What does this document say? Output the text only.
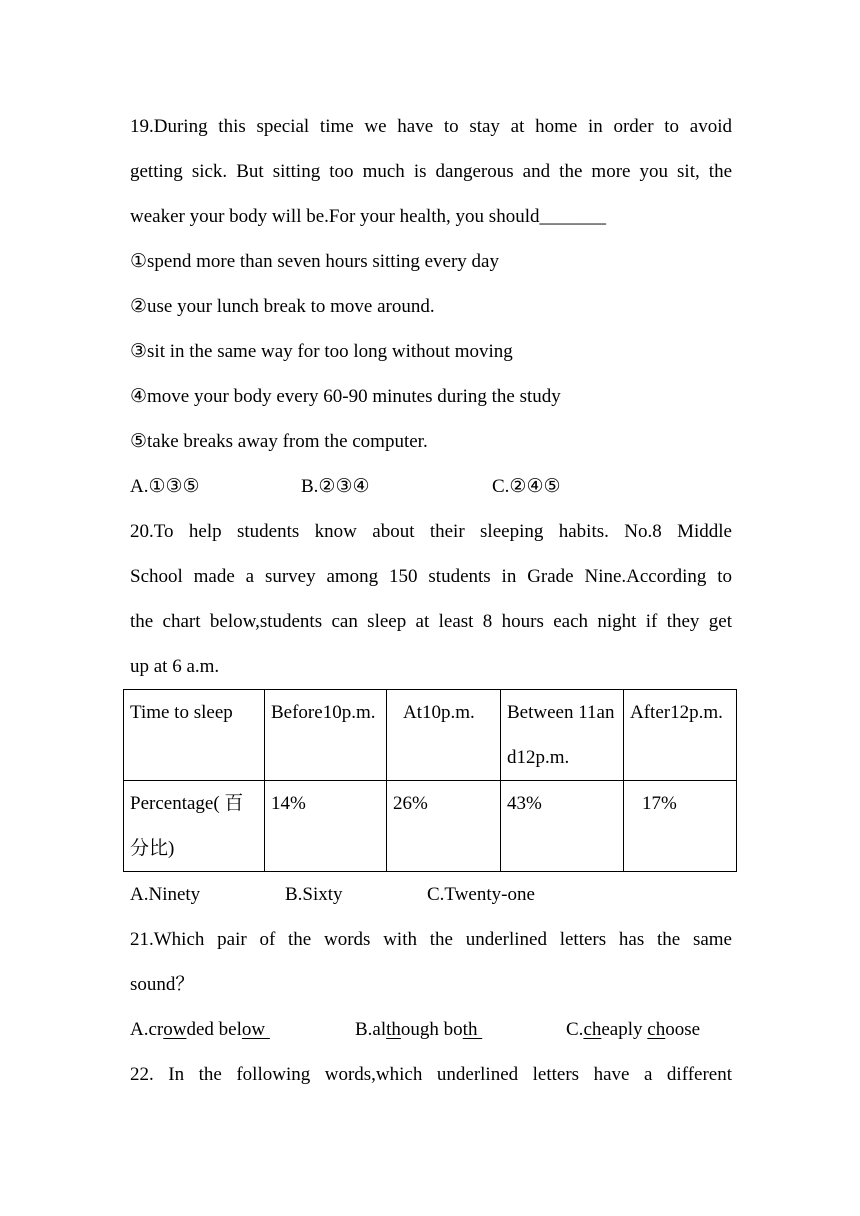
19.During this special time we have to stay at home in order to avoid
getting sick. But sitting too much is dangerous and the more you sit, the
weaker your body will be.For your health, you should_______
①spend more than seven hours sitting every day
②use your lunch break to move around.
③sit in the same way for too long without moving
④move your body every 60-90 minutes during the study
⑤take breaks away from the computer.
A.①③⑤	B.②③④	C.②④⑤
20.To help students know about their sleeping habits. No.8 Middle
School made a survey among 150 students in Grade Nine.According to
the chart below,students can sleep at least 8 hours each night if they get
up at 6 a.m.
Time to sleep	Before10p.m.	At10p.m.	Between 11and12p.m.	After12p.m.
Percentage( 百分比)	14%	26%	43%	17%
A.Ninety	B.Sixty	C.Twenty-one
21.Which pair of the words with the underlined letters has the same
sound？
A.crowded below	B.although both	C.cheaply choose
22. In the following words,which underlined letters have a different
